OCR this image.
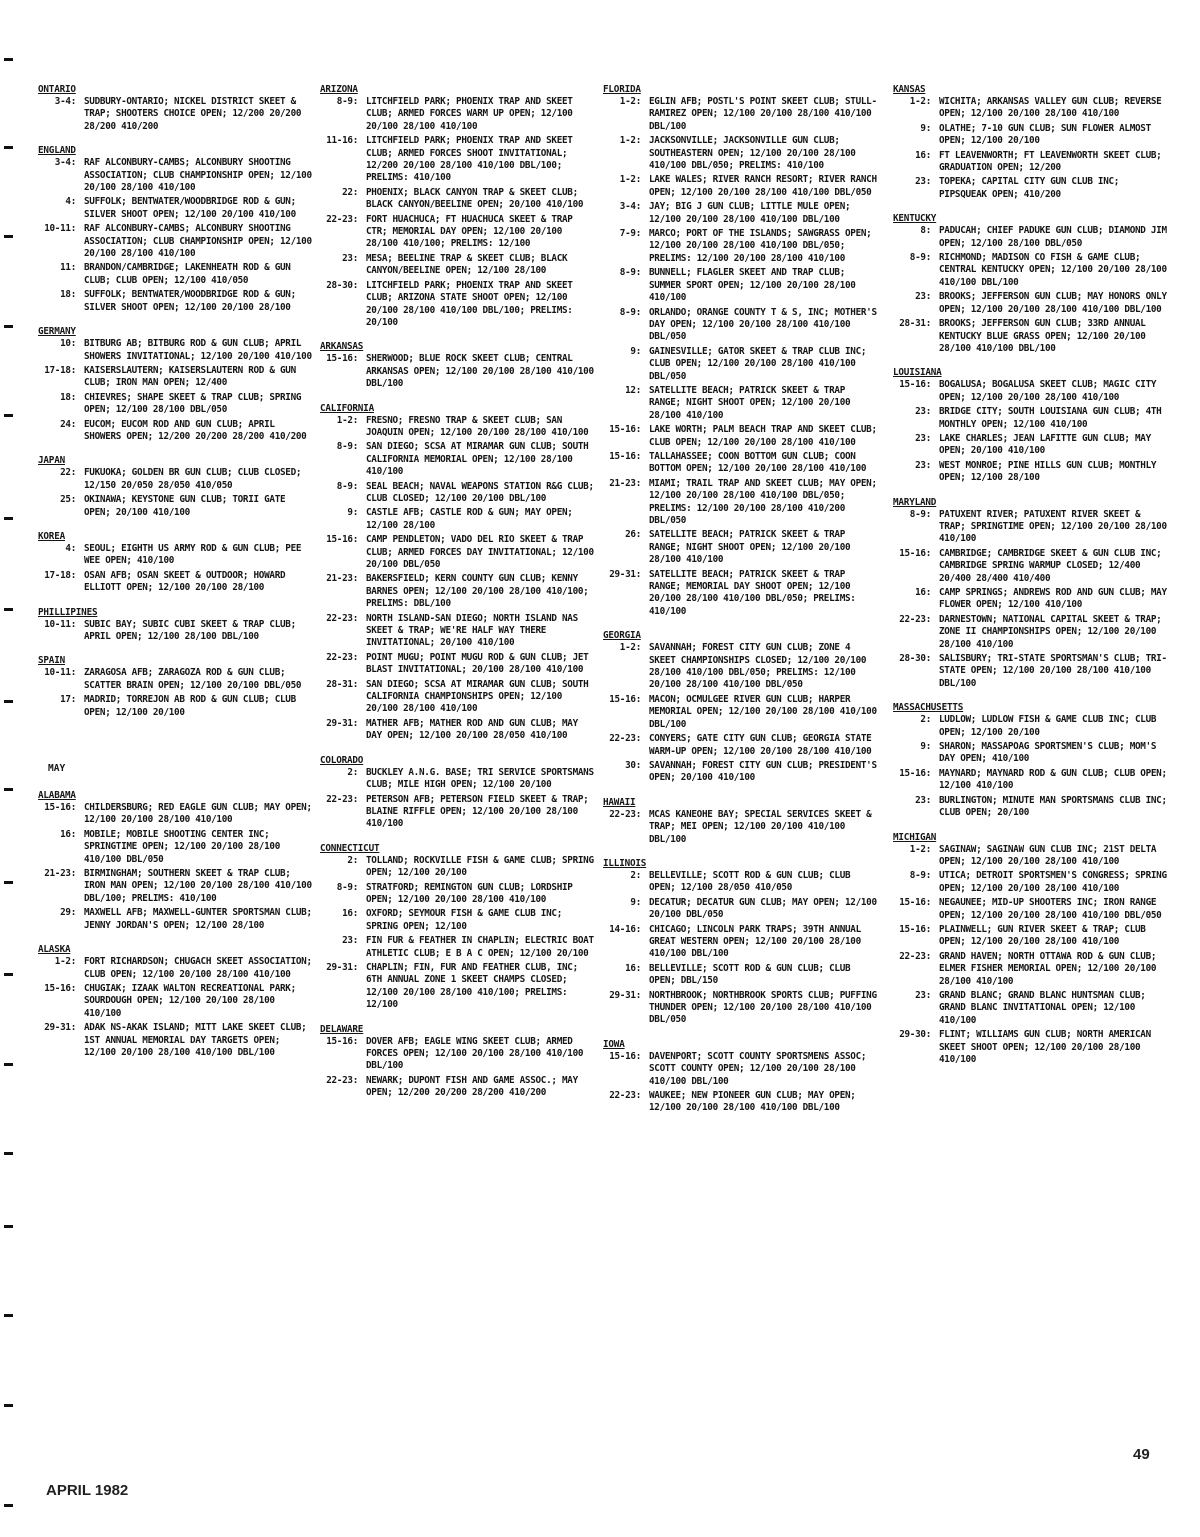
ONTARIO
3-4: SUDBURY-ONTARIO; NICKEL DISTRICT SKEET & TRAP; SHOOTERS CHOICE OPEN; 12/200 20/200 28/200 410/200
ENGLAND
3-4: RAF ALCONBURY-CAMBS; ALCONBURY SHOOTING ASSOCIATION; CLUB CHAMPIONSHIP OPEN; 12/100 20/100 28/100 410/100
4: SUFFOLK; BENTWATER/WOODBRIDGE ROD & GUN; SILVER SHOOT OPEN; 12/100 20/100 410/100
10-11: RAF ALCONBURY-CAMBS; ALCONBURY SHOOTING ASSOCIATION; CLUB CHAMPIONSHIP OPEN; 12/100 20/100 28/100 410/100
11: BRANDON/CAMBRIDGE; LAKENHEATH ROD & GUN CLUB; CLUB OPEN; 12/100 410/050
18: SUFFOLK; BENTWATER/WOODBRIDGE ROD & GUN; SILVER SHOOT OPEN; 12/100 20/100 28/100
GERMANY
10: BITBURG AB; BITBURG ROD & GUN CLUB; APRIL SHOWERS INVITATIONAL; 12/100 20/100 410/100
17-18: KAISERSLAUTERN; KAISERSLAUTERN ROD & GUN CLUB; IRON MAN OPEN; 12/400
18: CHIEVRES; SHAPE SKEET & TRAP CLUB; SPRING OPEN; 12/100 28/100 DBL/050
24: EUCOM; EUCOM ROD AND GUN CLUB; APRIL SHOWERS OPEN; 12/200 20/200 28/200 410/200
JAPAN
22: FUKUOKA; GOLDEN BR GUN CLUB; CLUB CLOSED; 12/150 20/050 28/050 410/050
25: OKINAWA; KEYSTONE GUN CLUB; TORII GATE OPEN; 20/100 410/100
KOREA
4: SEOUL; EIGHTH US ARMY ROD & GUN CLUB; PEE WEE OPEN; 410/100
17-18: OSAN AFB; OSAN SKEET & OUTDOOR; HOWARD ELLIOTT OPEN; 12/100 20/100 28/100
PHILLIPINES
10-11: SUBIC BAY; SUBIC CUBI SKEET & TRAP CLUB; APRIL OPEN; 12/100 28/100 DBL/100
SPAIN
10-11: ZARAGOSA AFB; ZARAGOZA ROD & GUN CLUB; SCATTER BRAIN OPEN; 12/100 20/100 DBL/050
17: MADRID; TORREJON AB ROD & GUN CLUB; CLUB OPEN; 12/100 20/100
MAY
ALABAMA
15-16: CHILDERSBURG; RED EAGLE GUN CLUB; MAY OPEN; 12/100 20/100 28/100 410/100
16: MOBILE; MOBILE SHOOTING CENTER INC; SPRINGTIME OPEN; 12/100 20/100 28/100 410/100 DBL/050
21-23: BIRMINGHAM; SOUTHERN SKEET & TRAP CLUB; IRON MAN OPEN; 12/100 20/100 28/100 410/100 DBL/100; PRELIMS: 410/100
29: MAXWELL AFB; MAXWELL-GUNTER SPORTSMAN CLUB; JENNY JORDAN'S OPEN; 12/100 28/100
ALASKA
1-2: FORT RICHARDSON; CHUGACH SKEET ASSOCIATION; CLUB OPEN; 12/100 20/100 28/100 410/100
15-16: CHUGIAK; IZAAK WALTON RECREATIONAL PARK; SOURDOUGH OPEN; 12/100 20/100 28/100 410/100
29-31: ADAK NS-AKAK ISLAND; MITT LAKE SKEET CLUB; 1ST ANNUAL MEMORIAL DAY TARGETS OPEN; 12/100 20/100 28/100 410/100 DBL/100
ARIZONA
8-9: LITCHFIELD PARK; PHOENIX TRAP AND SKEET CLUB; ARMED FORCES WARM UP OPEN; 12/100 20/100 28/100 410/100
11-16: LITCHFIELD PARK; PHOENIX TRAP AND SKEET CLUB; ARMED FORCES SHOOT INVITATIONAL; 12/200 20/100 28/100 410/100 DBL/100; PRELIMS: 410/100
22: PHOENIX; BLACK CANYON TRAP & SKEET CLUB; BLACK CANYON/BEELINE OPEN; 20/100 410/100
22-23: FORT HUACHUCA; FT HUACHUCA SKEET & TRAP CTR; MEMORIAL DAY OPEN; 12/100 20/100 28/100 410/100; PRELIMS: 12/100
23: MESA; BEELINE TRAP & SKEET CLUB; BLACK CANYON/BEELINE OPEN; 12/100 28/100
28-30: LITCHFIELD PARK; PHOENIX TRAP AND SKEET CLUB; ARIZONA STATE SHOOT OPEN; 12/100 20/100 28/100 410/100 DBL/100; PRELIMS: 20/100
ARKANSAS
15-16: SHERWOOD; BLUE ROCK SKEET CLUB; CENTRAL ARKANSAS OPEN; 12/100 20/100 28/100 410/100 DBL/100
CALIFORNIA
1-2: FRESNO; FRESNO TRAP & SKEET CLUB; SAN JOAQUIN OPEN; 12/100 20/100 28/100 410/100
8-9: SAN DIEGO; SCSA AT MIRAMAR GUN CLUB; SOUTH CALIFORNIA MEMORIAL OPEN; 12/100 28/100 410/100
8-9: SEAL BEACH; NAVAL WEAPONS STATION R&G CLUB; CLUB CLOSED; 12/100 20/100 DBL/100
9: CASTLE AFB; CASTLE ROD & GUN; MAY OPEN; 12/100 28/100
15-16: CAMP PENDLETON; VADO DEL RIO SKEET & TRAP CLUB; ARMED FORCES DAY INVITATIONAL; 12/100 20/100 DBL/050
21-23: BAKERSFIELD; KERN COUNTY GUN CLUB; KENNY BARNES OPEN; 12/100 20/100 28/100 410/100; PRELIMS: DBL/100
22-23: NORTH ISLAND-SAN DIEGO; NORTH ISLAND NAS SKEET & TRAP; WE'RE HALF WAY THERE INVITATIONAL; 20/100 410/100
22-23: POINT MUGU; POINT MUGU ROD & GUN CLUB; JET BLAST INVITATIONAL; 20/100 28/100 410/100
28-31: SAN DIEGO; SCSA AT MIRAMAR GUN CLUB; SOUTH CALIFORNIA CHAMPIONSHIPS OPEN; 12/100 20/100 28/100 410/100
29-31: MATHER AFB; MATHER ROD AND GUN CLUB; MAY DAY OPEN; 12/100 20/100 28/050 410/100
COLORADO
2: BUCKLEY A.N.G. BASE; TRI SERVICE SPORTSMANS CLUB; MILE HIGH OPEN; 12/100 20/100
22-23: PETERSON AFB; PETERSON FIELD SKEET & TRAP; BLAINE RIFFLE OPEN; 12/100 20/100 28/100 410/100
CONNECTICUT
2: TOLLAND; ROCKVILLE FISH & GAME CLUB; SPRING OPEN; 12/100 20/100
8-9: STRATFORD; REMINGTON GUN CLUB; LORDSHIP OPEN; 12/100 20/100 28/100 410/100
16: OXFORD; SEYMOUR FISH & GAME CLUB INC; SPRING OPEN; 12/100
23: FIN FUR & FEATHER IN CHAPLIN; ELECTRIC BOAT ATHLETIC CLUB; E B A C OPEN; 12/100 20/100
29-31: CHAPLIN; FIN, FUR AND FEATHER CLUB, INC; 6TH ANNUAL ZONE 1 SKEET CHAMPS CLOSED; 12/100 20/100 28/100 410/100; PRELIMS: 12/100
DELAWARE
15-16: DOVER AFB; EAGLE WING SKEET CLUB; ARMED FORCES OPEN; 12/100 20/100 28/100 410/100 DBL/100
22-23: NEWARK; DUPONT FISH AND GAME ASSOC.; MAY OPEN; 12/200 20/200 28/200 410/200
FLORIDA
1-2: EGLIN AFB; POSTL'S POINT SKEET CLUB; STULL-RAMIREZ OPEN; 12/100 20/100 28/100 410/100 DBL/100
1-2: JACKSONVILLE; JACKSONVILLE GUN CLUB; SOUTHEASTERN OPEN; 12/100 20/100 28/100 410/100 DBL/050; PRELIMS: 410/100
1-2: LAKE WALES; RIVER RANCH RESORT; RIVER RANCH OPEN; 12/100 20/100 28/100 410/100 DBL/050
3-4: JAY; BIG J GUN CLUB; LITTLE MULE OPEN; 12/100 20/100 28/100 410/100 DBL/100
7-9: MARCO; PORT OF THE ISLANDS; SAWGRASS OPEN; 12/100 20/100 28/100 410/100 DBL/050; PRELIMS: 12/100 20/100 28/100 410/100
8-9: BUNNELL; FLAGLER SKEET AND TRAP CLUB; SUMMER SPORT OPEN; 12/100 20/100 28/100 410/100
8-9: ORLANDO; ORANGE COUNTY T & S, INC; MOTHER'S DAY OPEN; 12/100 20/100 28/100 410/100 DBL/050
9: GAINESVILLE; GATOR SKEET & TRAP CLUB INC; CLUB OPEN; 12/100 20/100 28/100 410/100 DBL/050
12: SATELLITE BEACH; PATRICK SKEET & TRAP RANGE; NIGHT SHOOT OPEN; 12/100 20/100 28/100 410/100
15-16: LAKE WORTH; PALM BEACH TRAP AND SKEET CLUB; CLUB OPEN; 12/100 20/100 28/100 410/100
15-16: TALLAHASSEE; COON BOTTOM GUN CLUB; COON BOTTOM OPEN; 12/100 20/100 28/100 410/100
21-23: MIAMI; TRAIL TRAP AND SKEET CLUB; MAY OPEN; 12/100 20/100 28/100 410/100 DBL/050; PRELIMS: 12/100 20/100 28/100 410/200 DBL/050
26: SATELLITE BEACH; PATRICK SKEET & TRAP RANGE; NIGHT SHOOT OPEN; 12/100 20/100 28/100 410/100
29-31: SATELLITE BEACH; PATRICK SKEET & TRAP RANGE; MEMORIAL DAY SHOOT OPEN; 12/100 20/100 28/100 410/100 DBL/050; PRELIMS: 410/100
GEORGIA
1-2: SAVANNAH; FOREST CITY GUN CLUB; ZONE 4 SKEET CHAMPIONSHIPS CLOSED; 12/100 20/100 28/100 410/100 DBL/050; PRELIMS: 12/100 20/100 28/100 410/100 DBL/050
15-16: MACON; OCMULGEE RIVER GUN CLUB; HARPER MEMORIAL OPEN; 12/100 20/100 28/100 410/100 DBL/100
22-23: CONYERS; GATE CITY GUN CLUB; GEORGIA STATE WARM-UP OPEN; 12/100 20/100 28/100 410/100
30: SAVANNAH; FOREST CITY GUN CLUB; PRESIDENT'S OPEN; 20/100 410/100
HAWAII
22-23: MCAS KANEOHE BAY; SPECIAL SERVICES SKEET & TRAP; MEI OPEN; 12/100 20/100 410/100 DBL/100
ILLINOIS
2: BELLEVILLE; SCOTT ROD & GUN CLUB; CLUB OPEN; 12/100 28/050 410/050
9: DECATUR; DECATUR GUN CLUB; MAY OPEN; 12/100 20/100 DBL/050
14-16: CHICAGO; LINCOLN PARK TRAPS; 39TH ANNUAL GREAT WESTERN OPEN; 12/100 20/100 28/100 410/100 DBL/100
16: BELLEVILLE; SCOTT ROD & GUN CLUB; CLUB OPEN; DBL/150
29-31: NORTHBROOK; NORTHBROOK SPORTS CLUB; PUFFING THUNDER OPEN; 12/100 20/100 28/100 410/100 DBL/050
IOWA
15-16: DAVENPORT; SCOTT COUNTY SPORTSMENS ASSOC; SCOTT COUNTY OPEN; 12/100 20/100 28/100 410/100 DBL/100
22-23: WAUKEE; NEW PIONEER GUN CLUB; MAY OPEN; 12/100 20/100 28/100 410/100 DBL/100
KANSAS
1-2: WICHITA; ARKANSAS VALLEY GUN CLUB; REVERSE OPEN; 12/100 20/100 28/100 410/100
9: OLATHE; 7-10 GUN CLUB; SUN FLOWER ALMOST OPEN; 12/100 20/100
16: FT LEAVENWORTH; FT LEAVENWORTH SKEET CLUB; GRADUATION OPEN; 12/200
23: TOPEKA; CAPITAL CITY GUN CLUB INC; PIPSQUEAK OPEN; 410/200
KENTUCKY
8: PADUCAH; CHIEF PADUKE GUN CLUB; DIAMOND JIM OPEN; 12/100 28/100 DBL/050
8-9: RICHMOND; MADISON CO FISH & GAME CLUB; CENTRAL KENTUCKY OPEN; 12/100 20/100 28/100 410/100 DBL/100
23: BROOKS; JEFFERSON GUN CLUB; MAY HONORS ONLY OPEN; 12/100 20/100 28/100 410/100 DBL/100
28-31: BROOKS; JEFFERSON GUN CLUB; 33RD ANNUAL KENTUCKY BLUE GRASS OPEN; 12/100 20/100 28/100 410/100 DBL/100
LOUISIANA
15-16: BOGALUSA; BOGALUSA SKEET CLUB; MAGIC CITY OPEN; 12/100 20/100 28/100 410/100
23: BRIDGE CITY; SOUTH LOUISIANA GUN CLUB; 4TH MONTHLY OPEN; 12/100 410/100
23: LAKE CHARLES; JEAN LAFITTE GUN CLUB; MAY OPEN; 20/100 410/100
23: WEST MONROE; PINE HILLS GUN CLUB; MONTHLY OPEN; 12/100 28/100
MARYLAND
8-9: PATUXENT RIVER; PATUXENT RIVER SKEET & TRAP; SPRINGTIME OPEN; 12/100 20/100 28/100 410/100
15-16: CAMBRIDGE; CAMBRIDGE SKEET & GUN CLUB INC; CAMBRIDGE SPRING WARMUP CLOSED; 12/400 20/400 28/400 410/400
16: CAMP SPRINGS; ANDREWS ROD AND GUN CLUB; MAY FLOWER OPEN; 12/100 410/100
22-23: DARNESTOWN; NATIONAL CAPITAL SKEET & TRAP; ZONE II CHAMPIONSHIPS OPEN; 12/100 20/100 28/100 410/100
28-30: SALISBURY; TRI-STATE SPORTSMAN'S CLUB; TRI-STATE OPEN; 12/100 20/100 28/100 410/100 DBL/100
MASSACHUSETTS
2: LUDLOW; LUDLOW FISH & GAME CLUB INC; CLUB OPEN; 12/100 20/100
9: SHARON; MASSAPOAG SPORTSMEN'S CLUB; MOM'S DAY OPEN; 410/100
15-16: MAYNARD; MAYNARD ROD & GUN CLUB; CLUB OPEN; 12/100 410/100
23: BURLINGTON; MINUTE MAN SPORTSMANS CLUB INC; CLUB OPEN; 20/100
MICHIGAN
1-2: SAGINAW; SAGINAW GUN CLUB INC; 21ST DELTA OPEN; 12/100 20/100 28/100 410/100
8-9: UTICA; DETROIT SPORTSMEN'S CONGRESS; SPRING OPEN; 12/100 20/100 28/100 410/100
15-16: NEGAUNEE; MID-UP SHOOTERS INC; IRON RANGE OPEN; 12/100 20/100 28/100 410/100 DBL/050
15-16: PLAINWELL; GUN RIVER SKEET & TRAP; CLUB OPEN; 12/100 20/100 28/100 410/100
22-23: GRAND HAVEN; NORTH OTTAWA ROD & GUN CLUB; ELMER FISHER MEMORIAL OPEN; 12/100 20/100 28/100 410/100
23: GRAND BLANC; GRAND BLANC HUNTSMAN CLUB; GRAND BLANC INVITATIONAL OPEN; 12/100 410/100
29-30: FLINT; WILLIAMS GUN CLUB; NORTH AMERICAN SKEET SHOOT OPEN; 12/100 20/100 28/100 410/100
APRIL 1982
49
